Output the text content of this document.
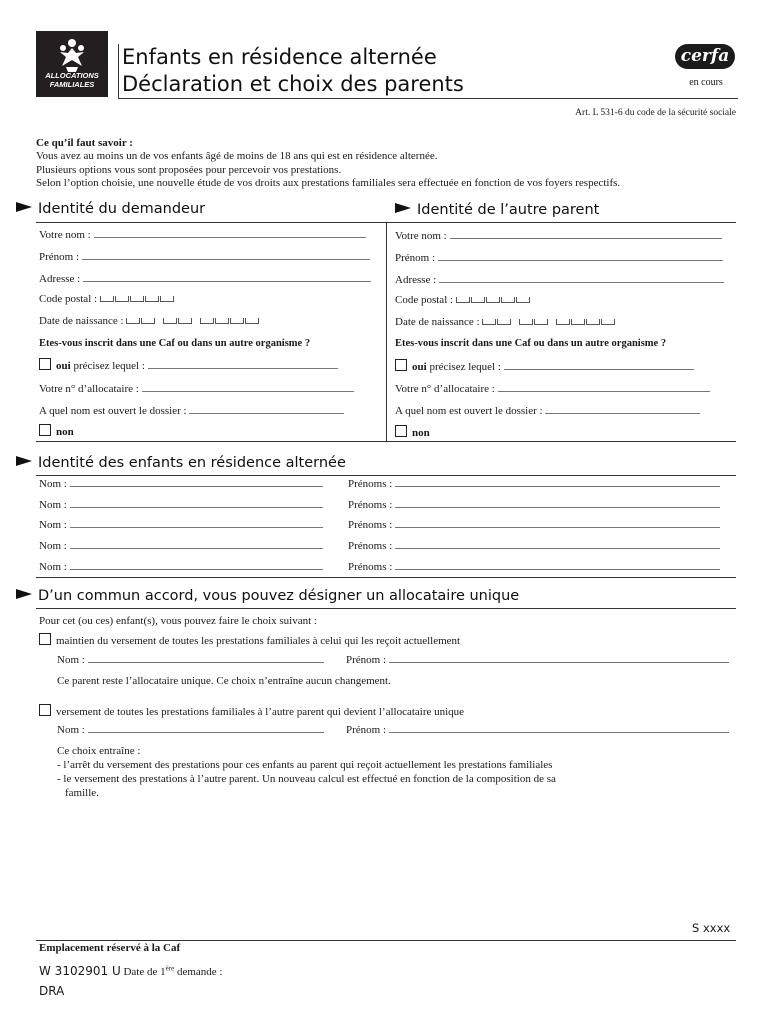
ALLOCATIONS
FAMILIALES
Enfants en résidence alternée
Déclaration et choix des parents
cerfa
en cours
Art. L 531-6 du code de la sécurité sociale
Ce qu’il faut savoir :
Vous avez au moins un de vos enfants âgé de moins de 18 ans qui est en résidence alternée.
Plusieurs options vous sont proposées pour percevoir vos prestations.
Selon l’option choisie, une nouvelle étude de vos droits aux prestations familiales sera effectuée en fonction de vos foyers respectifs.
Identité du demandeur	Identité de l’autre parent
Votre nom :
Prénom :
Adresse :
Code postal :
Date de naissance :
Etes-vous inscrit dans une Caf ou dans un autre organisme ?
oui précisez lequel :
Votre n° d’allocataire :
A quel nom est ouvert le dossier :
non
Votre nom :
Prénom :
Adresse :
Code postal :
Date de naissance :
Etes-vous inscrit dans une Caf ou dans un autre organisme ?
oui précisez lequel :
Votre n° d’allocataire :
A quel nom est ouvert le dossier :
non
Identité des enfants en résidence alternée
Nom :	Prénoms :
Nom :	Prénoms :
Nom :	Prénoms :
Nom :	Prénoms :
Nom :	Prénoms :
D’un commun accord, vous pouvez désigner un allocataire unique
Pour cet (ou ces) enfant(s), vous pouvez faire le choix suivant :
maintien du versement de toutes les prestations familiales à celui qui les reçoit actuellement
Nom :	Prénom :
Ce parent reste l’allocataire unique. Ce choix n’entraîne aucun changement.
versement de toutes les prestations familiales à l’autre parent qui devient l’allocataire unique
Nom :	Prénom :
Ce choix entraîne :
- l’arrêt du versement des prestations pour ces enfants au parent qui reçoit actuellement les prestations familiales
- le versement des prestations à l’autre parent. Un nouveau calcul est effectué en fonction de la composition de sa
famille.
S xxxx
Emplacement réservé à la Caf
W 3102901 U Date de 1ère demande :
DRA
